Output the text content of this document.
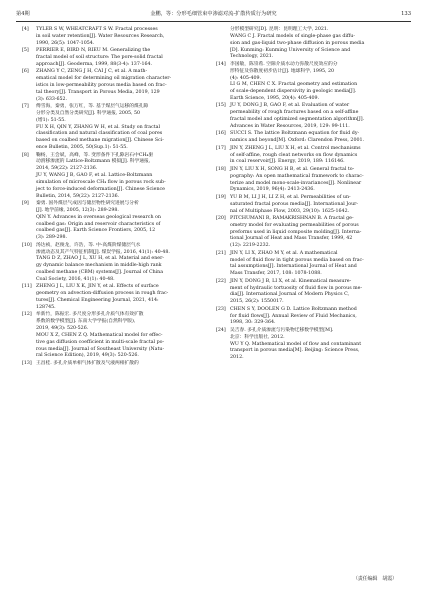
第4期	金鹏，等：分形毛细管束中渗滤对流-扩散传质行为研究	133
[4] TYLER S W, WHEATCRAFT S W. Fractal processes
in soil water retention[J]. Water Resources Research,
1990, 26(5): 1047-1054.
[5] PERRIER E, BIRD N, RIEU M. Generalizing the
fractal model of soil structure: The pore-solid fractal
approach[J]. Geoderma, 1999, 88(3-4): 137-164.
[6] ZHANG Y C, ZENG J H, CAI J C, et al. A math-
ematical model for determining oil migration character-
istics in low-permeability porous media based on frac-
tal theory[J]. Transport in Porous Media, 2019, 129
(3): 633-652.
[7] 傅雪海，秦勇，张万红，等. 基于煤层气运移的煤孔隙
分形分类及自然分类研究[J]. 科学通报, 2005, 50
(增1): 51-55.
FU X H, QIN Y, ZHANG W H, et al. Study on fractal
classification and natural classification of coal pores
based on coalbed methane migration[J]. Chinese Sci-
ence Bulletin, 2005, 50(Sup.1): 51-55.
[8] 鞠杨，王会斌，高峰，等. 变形条件下孔隙岩石中CH₄驱
动滑移渗流的 Lattice-Boltzmann 模拟[J]. 科学通报,
2014, 59(22): 2127-2136.
JU Y, WANG J B, GAO F, et al. Lattice-Boltzmann
simulation of microscale CH₄ flow in porous rock sub-
ject to force-induced deformation[J]. Chinese Science
Bulletin, 2014, 59(22): 2127-2136.
[9] 秦勇. 国外煤层气成因与储层物性研究进展与分析
[J]. 地学前缘, 2005, 12(3): 289-298.
QIN Y. Advances in overseas geological research on
coalbed gas: Origin and reservoir characteristics of
coalbed gas[J]. Earth Science Frontiers, 2005, 12
(3): 289-298.
[10] 汤达祯，赵俊龙，许浩，等. 中-高煤阶煤储层气水
渗流动态及其产气特征机制[J]. 煤炭学报, 2016, 41(1): 40-48.
TANG D Z, ZHAO J L, XU H, et al. Material and ener-
gy dynamic balance mechanism in middle-high rank
coalbed methane (CBM) systems[J]. Journal of China
Coal Society, 2016, 41(1): 40-48.
[11] ZHENG J L, LIU X K, JIN Y, et al. Effects of surface
geometry on advection-diffusion process in rough frac-
tures[J]. Chemical Engineering Journal, 2021, 414:
128745.
[12] 牟新竹，陈振宏. 多尺度分形多孔介质气体有效扩散
系数的数学模型[J]. 东南大学学报(自然科学版),
2019, 49(3): 520-526.
MOU X Z, CHEN Z Q. Mathematical model for effec-
tive gas diffusion coefficient in multi-scale fractal po-
rous media[J]. Journal of Southeast University (Natu-
ral Science Edition), 2019, 49(3): 520-526.
[13] 王昌桂. 多孔介质单相气体扩散及气液两相扩散的
分形模型研究[D]. 昆明：昆明理工大学, 2021.
WANG C J. Fractal models of single-phase gas diffu-
sion and gas-liquid two-phase diffusion in porous media
[D]. Kunming: Kunming University of Science and
Technology, 2021.
[14] 李国敏，陈崇希. 空隙介质水动力弥散尺度效应的分
形特征及弥散度初步估计[J]. 地球科学, 1995, 20
(4): 405-409.
LI G M, CHEN C X. Fractal geometry and estimation
of scale-dependent dispersivity in geologic media[J].
Earth Science, 1995, 20(4): 405-409.
[15] JU Y, DONG J B, GAO F, et al. Evaluation of water
permeability of rough fractures based on a self-affine
fractal model and optimized segmentation algorithm[J].
Advances in Water Resources, 2019, 129: 99-111.
[16] SUCCI S. The lattice Boltzmann equation for fluid dy-
namics and beyond[M]. Oxford: Clarendon Press, 2001.
[17] JIN Y, ZHENG J L, LIU X H, et al. Control mechanisms
of self-affine, rough cleat networks on flow dynamics
in coal reservoir[J]. Energy, 2019, 189: 116146.
[18] JIN Y, LIU X H, SONG H B, et al. General fractal to-
pography: An open mathematical framework to charac-
terize and model mono-scale-invariances[J]. Nonlinear
Dynamics, 2019, 96(4): 2413-2436.
[19] YU B M, LI J H, LI Z H, et al. Permeabilities of un-
saturated fractal porous media[J]. International Jour-
nal of Multiphase Flow, 2003, 29(10): 1625-1642.
[20] PITCHUMANI R, RAMAKRISHNAN B. A fractal ge-
ometry model for evaluating permeabilities of porous
preforms used in liquid composite molding[J]. Interna-
tional Journal of Heat and Mass Transfer, 1999, 42
(12): 2219-2232.
[21] JIN Y, LI X, ZHAO M Y, et al. A mathematical
model of fluid flow in tight porous media based on frac-
tal assumptions[J]. International Journal of Heat and
Mass Transfer, 2017, 108: 1078-1088.
[22] JIN Y, DONG J B, LI X, et al. Kinematical measure-
ment of hydraulic tortuosity of fluid flow in porous me-
dia[J]. International Journal of Modern Physics C,
2015, 26(2): 1550017.
[23] CHEN S Y, DOOLEN G D. Lattice Boltzmann method
for fluid flows[J]. Annual Review of Fluid Mechanics,
1998, 30: 329-364.
[24] 吴吉春. 多孔介质渗流与污染物迁移数学模型[M].
北京：科学出版社, 2012.
WU Y Q. Mathematical model of flow and contaminant
transport in porous media[M]. Beijing: Science Press,
2012.
（责任编辑　胡霞）
